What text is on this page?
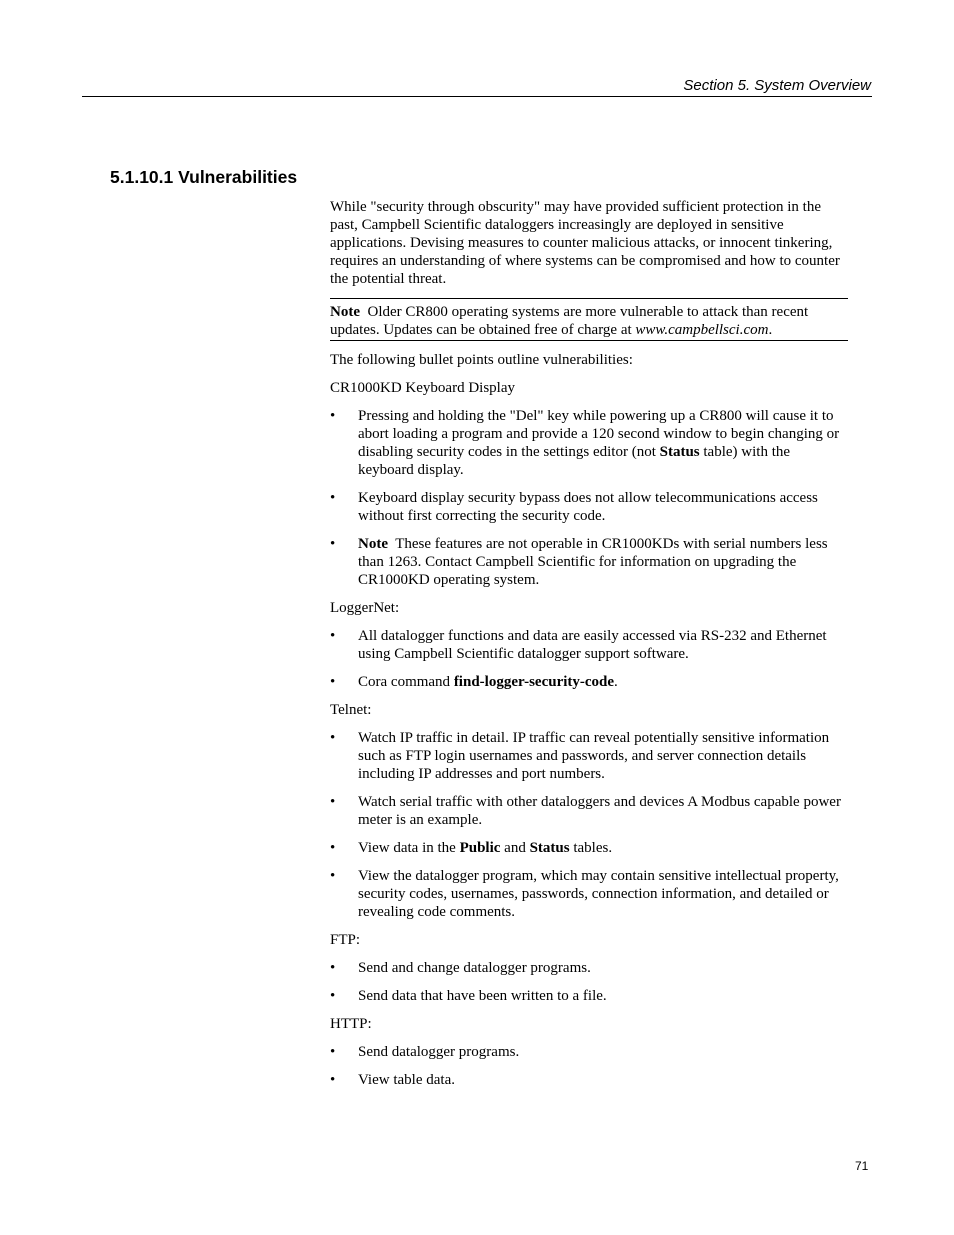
Section 5. System Overview
5.1.10.1 Vulnerabilities

While "security through obscurity" may have provided sufficient protection in the past, Campbell Scientific dataloggers increasingly are deployed in sensitive applications. Devising measures to counter malicious attacks, or innocent tinkering, requires an understanding of where systems can be compromised and how to counter the potential threat.

Note Older CR800 operating systems are more vulnerable to attack than recent updates. Updates can be obtained free of charge at www.campbellsci.com.

The following bullet points outline vulnerabilities:

CR1000KD Keyboard Display

• Pressing and holding the "Del" key while powering up a CR800 will cause it to abort loading a program and provide a 120 second window to begin changing or disabling security codes in the settings editor (not Status table) with the keyboard display.
• Keyboard display security bypass does not allow telecommunications access without first correcting the security code.
• Note These features are not operable in CR1000KDs with serial numbers less than 1263. Contact Campbell Scientific for information on upgrading the CR1000KD operating system.

LoggerNet:

• All datalogger functions and data are easily accessed via RS-232 and Ethernet using Campbell Scientific datalogger support software.
• Cora command find-logger-security-code.

Telnet:

• Watch IP traffic in detail. IP traffic can reveal potentially sensitive information such as FTP login usernames and passwords, and server connection details including IP addresses and port numbers.
• Watch serial traffic with other dataloggers and devices A Modbus capable power meter is an example.
• View data in the Public and Status tables.
• View the datalogger program, which may contain sensitive intellectual property, security codes, usernames, passwords, connection information, and detailed or revealing code comments.

FTP:

• Send and change datalogger programs.
• Send data that have been written to a file.

HTTP:

• Send datalogger programs.
• View table data.
71
